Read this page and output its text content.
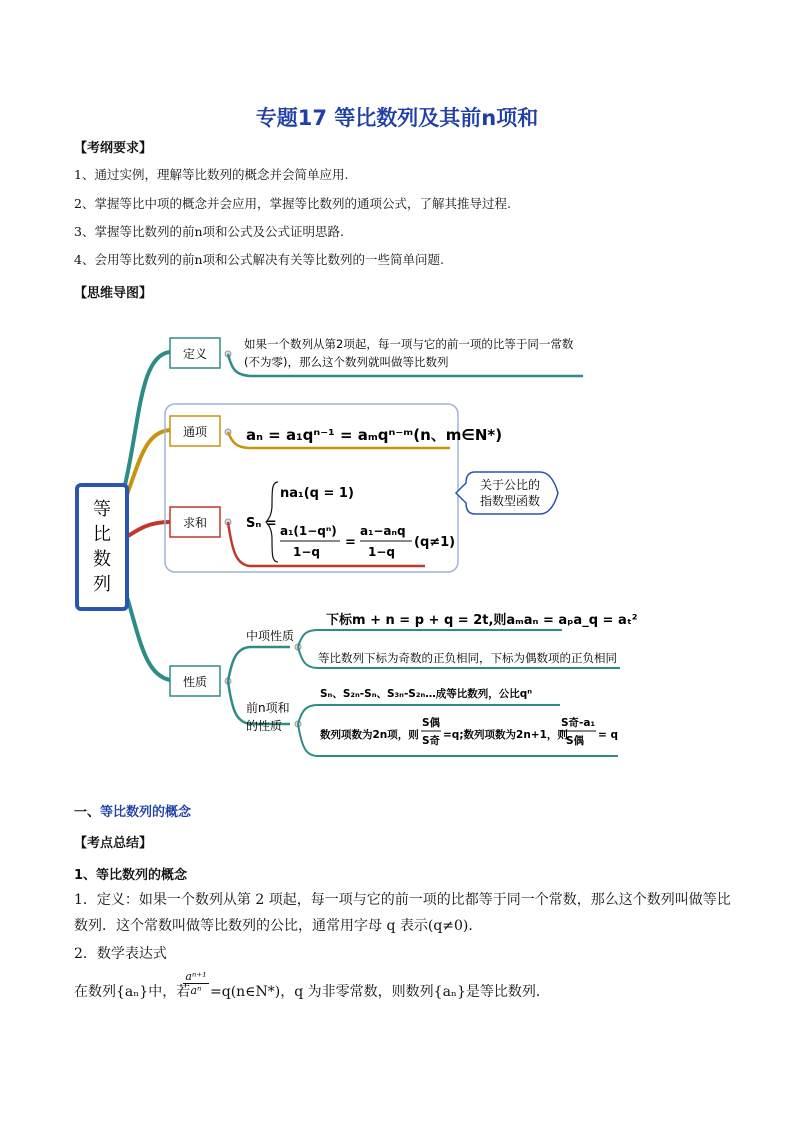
专题17 等比数列及其前n项和
【考纲要求】
1、通过实例，理解等比数列的概念并会简单应用.
2、掌握等比中项的概念并会应用，掌握等比数列的通项公式，了解其推导过程.
3、掌握等比数列的前n项和公式及公式证明思路.
4、会用等比数列的前n项和公式解决有关等比数列的一些简单问题.
【思维导图】
等
比
数
列
定义
如果一个数列从第2项起，每一项与它的前一项的比等于同一常数
(不为零)，那么这个数列就叫做等比数列
通项	aₙ = a₁qⁿ⁻¹ = aₘqⁿ⁻ᵐ(n、m∈N*)
求和	Sₙ =
na₁(q = 1)
a₁(1−qⁿ)
1−q
=
a₁−aₙq
1−q
(q≠1)
关于公比的
指数型函数
性质
中项性质
下标m + n = p + q = 2t,则aₘaₙ = aₚa_q = aₜ²
等比数列下标为奇数的正负相同，下标为偶数项的正负相同
前n项和
的性质
Sₙ、S₂ₙ-Sₙ、S₃ₙ-S₂ₙ…成等比数列，公比qⁿ
数列项数为2n项，则
S偶
S奇 =q;数列项数为2n+1，则
S奇-a₁
S偶 = q
一、等比数列的概念
【考点总结】
1、等比数列的概念
1．定义：如果一个数列从第 2 项起，每一项与它的前一项的比都等于同一个常数，那么这个数列叫做等比
数列．这个常数叫做等比数列的公比，通常用字母 q 表示(q≠0)．
2．数学表达式
在数列{aₙ}中，若
$\frac{\text{aⁿ⁺¹}}{\text{aⁿ}}$ =q(n∈N*)，q 为非零常数，则数列{aₙ}是等比数列．
